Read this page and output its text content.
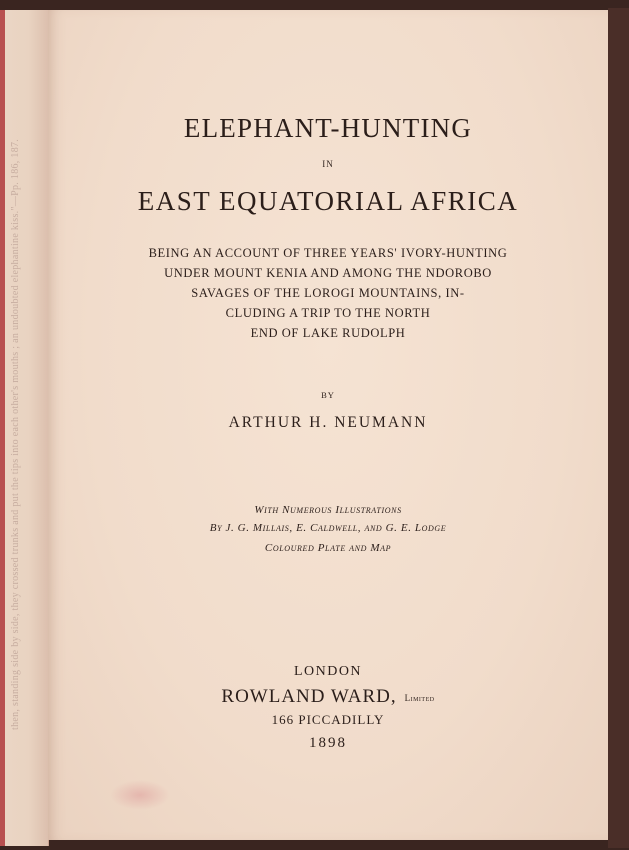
then, standing side by side, they crossed trunks and put the tips into each other's mouths ; an undoubted elephantine kiss."—Pp. 186, 187.
ELEPHANT-HUNTING
IN
EAST EQUATORIAL AFRICA
BEING AN ACCOUNT OF THREE YEARS' IVORY-HUNTING
UNDER MOUNT KENIA AND AMONG THE NDOROBO
SAVAGES OF THE LOROGI MOUNTAINS, IN-
CLUDING A TRIP TO THE NORTH
END OF LAKE RUDOLPH
BY
ARTHUR H. NEUMANN
With Numerous Illustrations
By J. G. Millais, E. Caldwell, and G. E. Lodge
Coloured Plate and Map
LONDON
ROWLAND WARD, Limited
166 PICCADILLY
1898
